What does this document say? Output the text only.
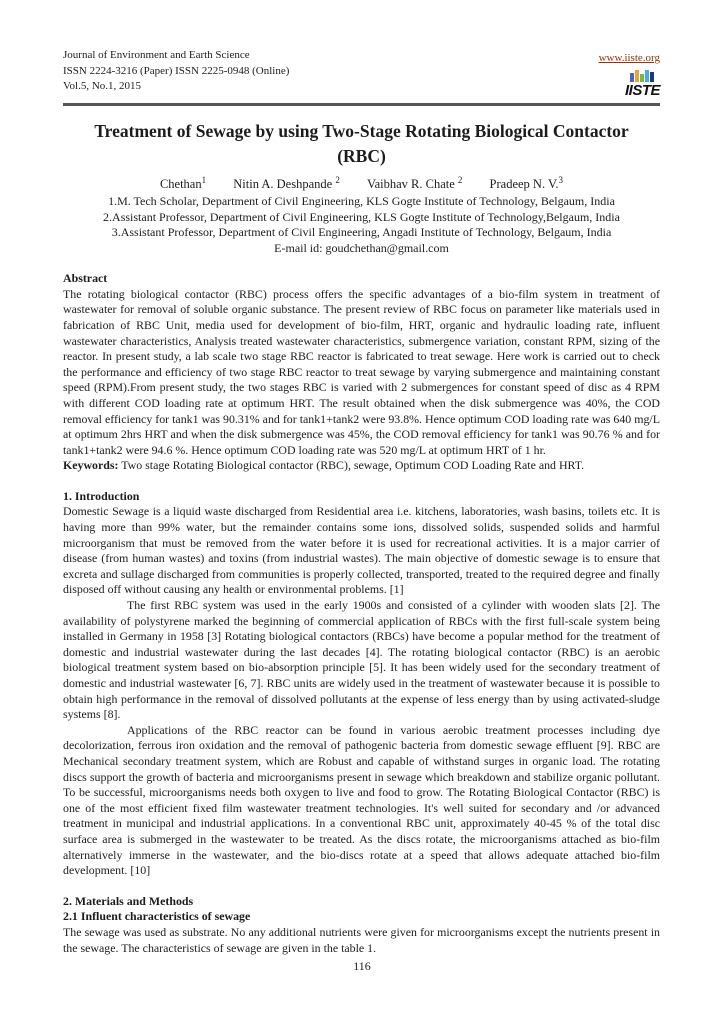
Journal of Environment and Earth Science
ISSN 2224-3216 (Paper) ISSN 2225-0948 (Online)
Vol.5, No.1, 2015
www.iiste.org

IISTE
Treatment of Sewage by using Two-Stage Rotating Biological Contactor (RBC)
Chethan$^1$ Nitin A. Deshpande $^2$ Vaibhav R. Chate $^2$ Pradeep N. V.$^3$
1.M. Tech Scholar, Department of Civil Engineering, KLS Gogte Institute of Technology, Belgaum, India
2.Assistant Professor, Department of Civil Engineering, KLS Gogte Institute of Technology,Belgaum, India
3.Assistant Professor, Department of Civil Engineering, Angadi Institute of Technology, Belgaum, India
E-mail id: goudchethan@gmail.com

Abstract

The rotating biological contactor (RBC) process offers the specific advantages of a bio-film system in treatment of wastewater for removal of soluble organic substance. The present review of RBC focus on parameter like materials used in fabrication of RBC Unit, media used for development of bio-film, HRT, organic and hydraulic loading rate, influent wastewater characteristics, Analysis treated wastewater characteristics, submergence variation, constant RPM, sizing of the reactor. In present study, a lab scale two stage RBC reactor is fabricated to treat sewage. Here work is carried out to check the performance and efficiency of two stage RBC reactor to treat sewage by varying submergence and maintaining constant speed (RPM).From present study, the two stages RBC is varied with 2 submergences for constant speed of disc as 4 RPM with different COD loading rate at optimum HRT. The result obtained when the disk submergence was 40%, the COD removal efficiency for tank1 was 90.31% and for tank1+tank2 were 93.8%. Hence optimum COD loading rate was 640 mg/L at optimum 2hrs HRT and when the disk submergence was 45%, the COD removal efficiency for tank1 was 90.76 % and for tank1+tank2 were 94.6 %. Hence optimum COD loading rate was 520 mg/L at optimum HRT of 1 hr.

Keywords: Two stage Rotating Biological contactor (RBC), sewage, Optimum COD Loading Rate and HRT.

1. Introduction

Domestic Sewage is a liquid waste discharged from Residential area i.e. kitchens, laboratories, wash basins, toilets etc. It is having more than 99% water, but the remainder contains some ions, dissolved solids, suspended solids and harmful microorganism that must be removed from the water before it is used for recreational activities. It is a major carrier of disease (from human wastes) and toxins (from industrial wastes). The main objective of domestic sewage is to ensure that excreta and sullage discharged from communities is properly collected, transported, treated to the required degree and finally disposed off without causing any health or environmental problems. [1]

The first RBC system was used in the early 1900s and consisted of a cylinder with wooden slats [2]. The availability of polystyrene marked the beginning of commercial application of RBCs with the first full-scale system being installed in Germany in 1958 [3] Rotating biological contactors (RBCs) have become a popular method for the treatment of domestic and industrial wastewater during the last decades [4]. The rotating biological contactor (RBC) is an aerobic biological treatment system based on bio-absorption principle [5]. It has been widely used for the secondary treatment of domestic and industrial wastewater [6, 7]. RBC units are widely used in the treatment of wastewater because it is possible to obtain high performance in the removal of dissolved pollutants at the expense of less energy than by using activated-sludge systems [8].

Applications of the RBC reactor can be found in various aerobic treatment processes including dye decolorization, ferrous iron oxidation and the removal of pathogenic bacteria from domestic sewage effluent [9]. RBC are Mechanical secondary treatment system, which are Robust and capable of withstand surges in organic load. The rotating discs support the growth of bacteria and microorganisms present in sewage which breakdown and stabilize organic pollutant. To be successful, microorganisms needs both oxygen to live and food to grow. The Rotating Biological Contactor (RBC) is one of the most efficient fixed film wastewater treatment technologies. It's well suited for secondary and /or advanced treatment in municipal and industrial applications. In a conventional RBC unit, approximately 40-45 % of the total disc surface area is submerged in the wastewater to be treated. As the discs rotate, the microorganisms attached as bio-film alternatively immerse in the wastewater, and the bio-discs rotate at a speed that allows adequate attached bio-film development. [10]

2. Materials and Methods

2.1 Influent characteristics of sewage

The sewage was used as substrate. No any additional nutrients were given for microorganisms except the nutrients present in the sewage. The characteristics of sewage are given in the table 1.

116
